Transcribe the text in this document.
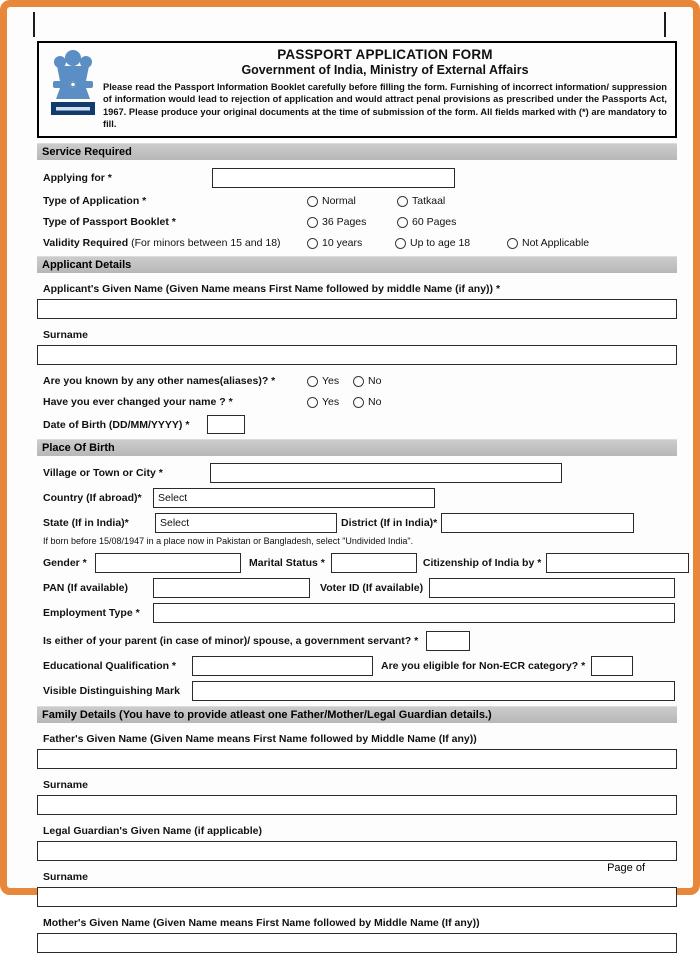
PASSPORT APPLICATION FORM
Government of India, Ministry of External Affairs
Please read the Passport Information Booklet carefully before filling the form. Furnishing of incorrect information/ suppression of information would lead to rejection of application and would attract penal provisions as prescribed under the Passports Act, 1967. Please produce your original documents at the time of submission of the form. All fields marked with (*) are mandatory to fill.
Service Required
Applying for *
Type of Application *	Normal	Tatkaal
Type of Passport Booklet *	36 Pages	60 Pages
Validity Required (For minors between 15 and 18)	10 years	Up to age 18	Not Applicable
Applicant Details
Applicant's Given Name (Given Name means First Name followed by middle Name (if any)) *
Surname
Are you known by any other names(aliases)? *	Yes	No
Have you ever changed your name ? *	Yes	No
Date of Birth (DD/MM/YYYY) *
Place Of Birth
Village or Town or City *
Country (If abroad)*	Select
State (If in India)*	Select	District (If in India)*
If born before 15/08/1947 in a place now in Pakistan or Bangladesh, select "Undivided India".
Gender *	Marital Status *	Citizenship of India by *
PAN (If available)	Voter ID (If available)
Employment Type *
Is either of your parent (in case of minor)/ spouse, a government servant? *
Educational Qualification *	Are you eligible for Non-ECR category? *
Visible Distinguishing Mark
Family Details (You have to provide atleast one Father/Mother/Legal Guardian details.)
Father's Given Name (Given Name means First Name followed by Middle Name (If any))
Surname
Legal Guardian's Given Name (if applicable)
Surname
Mother's Given Name (Given Name means First Name followed by Middle Name (If any))
Page of
